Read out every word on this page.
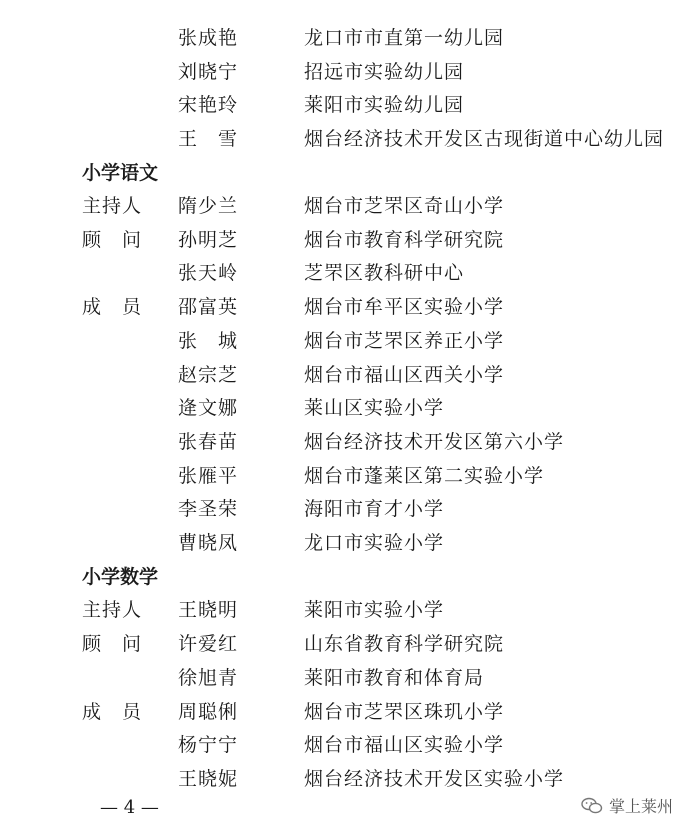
张成艳	龙口市市直第一幼儿园
刘晓宁	招远市实验幼儿园
宋艳玲	莱阳市实验幼儿园
王　雪	烟台经济技术开发区古现街道中心幼儿园
小学语文
主持人 隋少兰	烟台市芝罘区奇山小学
顾　问 孙明芝	烟台市教育科学研究院
张天岭	芝罘区教科研中心
成　员 邵富英	烟台市牟平区实验小学
张　城	烟台市芝罘区养正小学
赵宗芝	烟台市福山区西关小学
逄文娜	莱山区实验小学
张春苗	烟台经济技术开发区第六小学
张雁平	烟台市蓬莱区第二实验小学
李圣荣	海阳市育才小学
曹晓凤	龙口市实验小学
小学数学
主持人 王晓明	莱阳市实验小学
顾　问 许爱红	山东省教育科学研究院
徐旭青	莱阳市教育和体育局
成　员 周聪俐	烟台市芝罘区珠玑小学
杨宁宁	烟台市福山区实验小学
王晓妮	烟台经济技术开发区实验小学
— 4 —	掌上莱州
